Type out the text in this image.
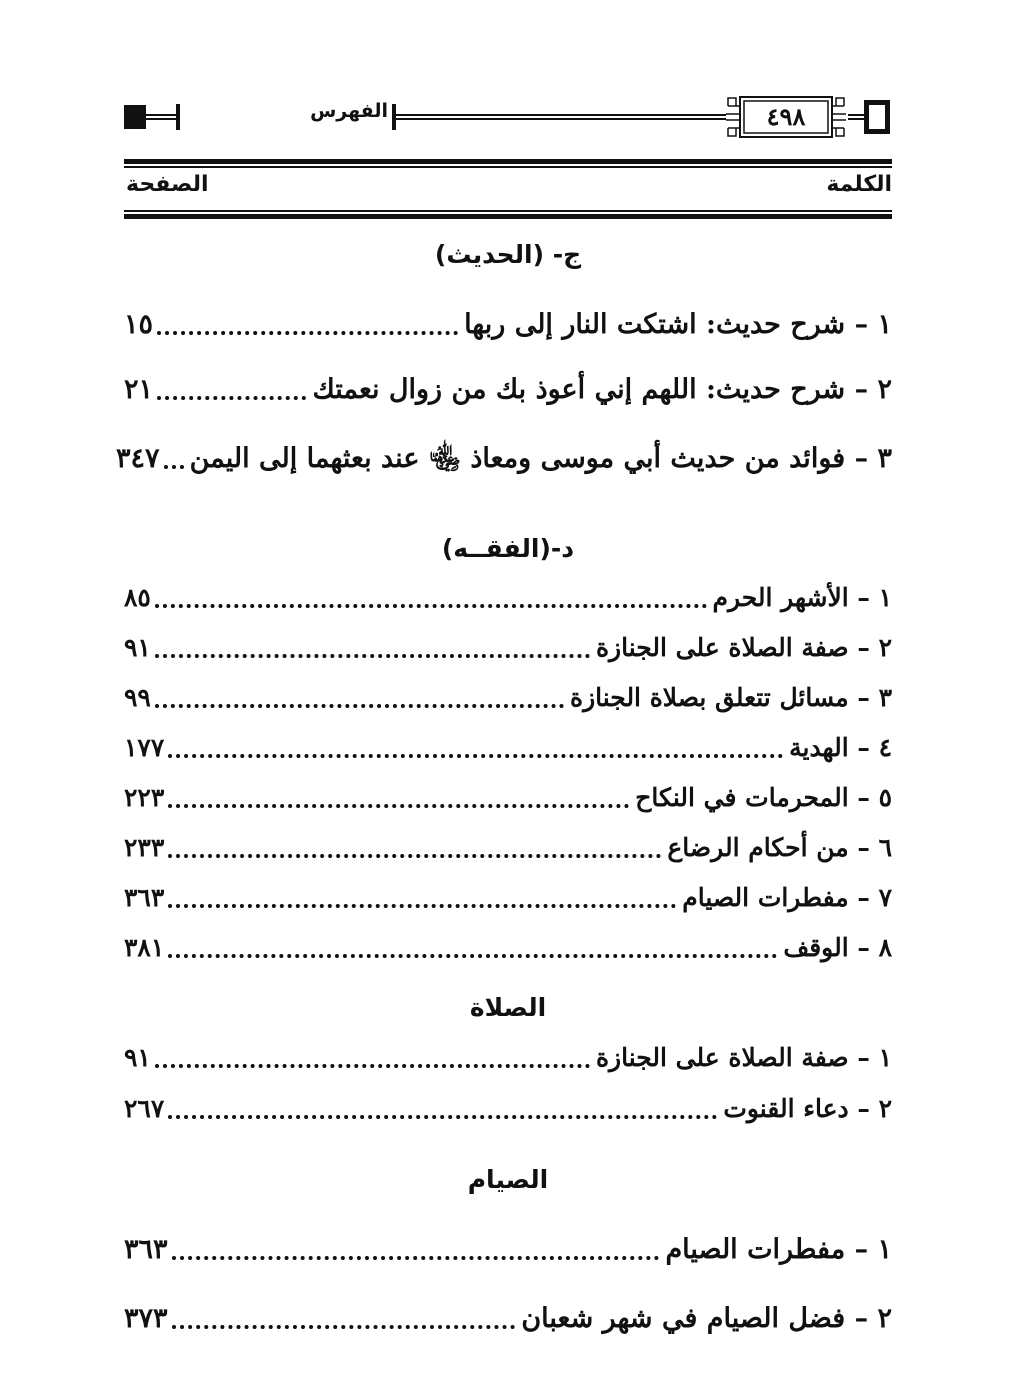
الفهرس	٤٩٨
الكلمة
الصفحة
ج- (الحديث)
١ – شرح حديث: اشتكت النار إلى ربها
١٥
٢ – شرح حديث: اللهم إني أعوذ بك من زوال نعمتك
٢١
٣ – فوائد من حديث أبي موسى ومعاذ ﵄ عند بعثهما إلى اليمن
٣٤٧
د-(الفقــه)
١ – الأشهر الحرم
٨٥
٢ – صفة الصلاة على الجنازة
٩١
٣ – مسائل تتعلق بصلاة الجنازة
٩٩
٤ – الهدية
١٧٧
٥ – المحرمات في النكاح
٢٢٣
٦ – من أحكام الرضاع
٢٣٣
٧ – مفطرات الصيام
٣٦٣
٨ – الوقف
٣٨١
الصلاة
١ – صفة الصلاة على الجنازة
٩١
٢ – دعاء القنوت
٢٦٧
الصيام
١ – مفطرات الصيام
٣٦٣
٢ – فضل الصيام في شهر شعبان
٣٧٣
